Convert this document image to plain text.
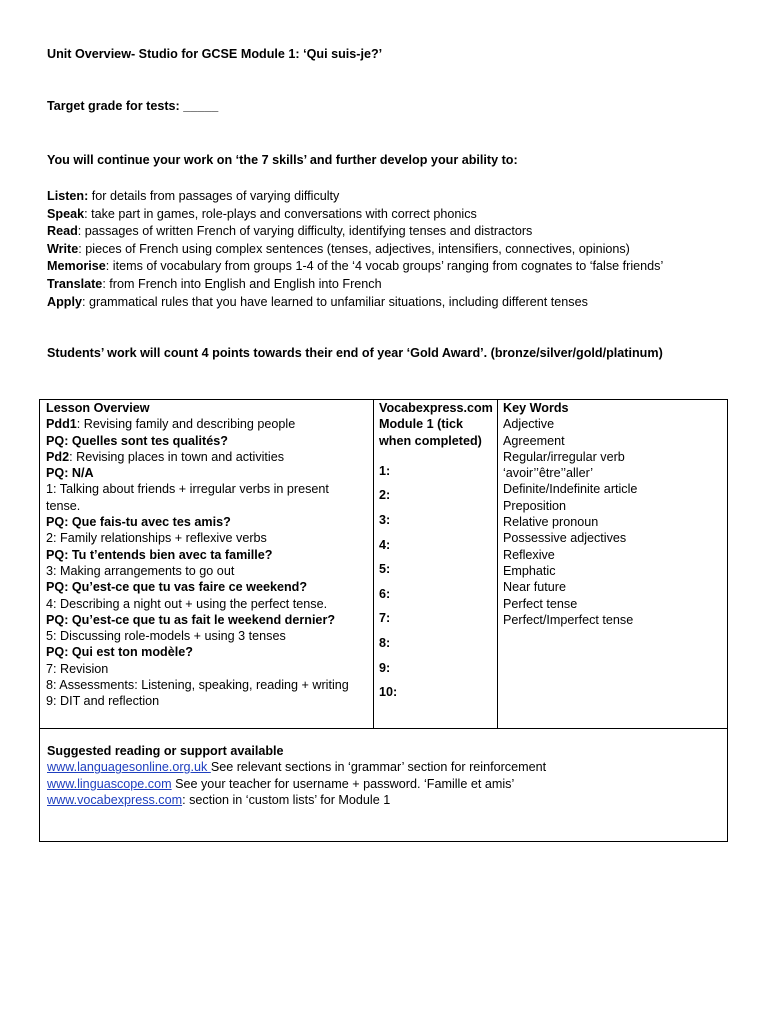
Unit Overview- Studio for GCSE Module 1: ‘Qui suis-je?’
Target grade for tests: _____
You will continue your work on ‘the 7 skills’ and further develop your ability to:
Listen: for details from passages of varying difficulty
Speak: take part in games, role-plays and conversations with correct phonics
Read: passages of written French of varying difficulty, identifying tenses and distractors
Write: pieces of French using complex sentences (tenses, adjectives, intensifiers, connectives, opinions)
Memorise: items of vocabulary from groups 1-4 of the ‘4 vocab groups’ ranging from cognates to ‘false friends’
Translate: from French into English and English into French
Apply: grammatical rules that you have learned to unfamiliar situations, including different tenses
Students’ work will count 4 points towards their end of year ‘Gold Award’. (bronze/silver/gold/platinum)
Lesson Overview
Pdd1: Revising family and describing people
PQ: Quelles sont tes qualités?
Pd2: Revising places in town and activities
PQ: N/A
1: Talking about friends + irregular verbs in present
tense.
PQ: Que fais-tu avec tes amis?
2: Family relationships + reflexive verbs
PQ: Tu t’entends bien avec ta famille?
3: Making arrangements to go out
PQ: Qu’est-ce que tu vas faire ce weekend?
4: Describing a night out + using the perfect tense.
PQ: Qu’est-ce que tu as fait le weekend dernier?
5: Discussing role-models + using 3 tenses
PQ: Qui est ton modèle?
7: Revision
8: Assessments: Listening, speaking, reading + writing
9: DIT and reflection
Vocabexpress.com
Module 1 (tick
when completed)
1:
2:
3:
4:
5:
6:
7:
8:
9:
10:
Key Words
Adjective
Agreement
Regular/irregular verb
‘avoir’’être’’aller’
Definite/Indefinite article
Preposition
Relative pronoun
Possessive adjectives
Reflexive
Emphatic
Near future
Perfect tense
Perfect/Imperfect tense
Suggested reading or support available
www.languagesonline.org.uk See relevant sections in ‘grammar’ section for reinforcement
www.linguascope.com See your teacher for username + password. ‘Famille et amis’
www.vocabexpress.com: section in ‘custom lists’ for Module 1
